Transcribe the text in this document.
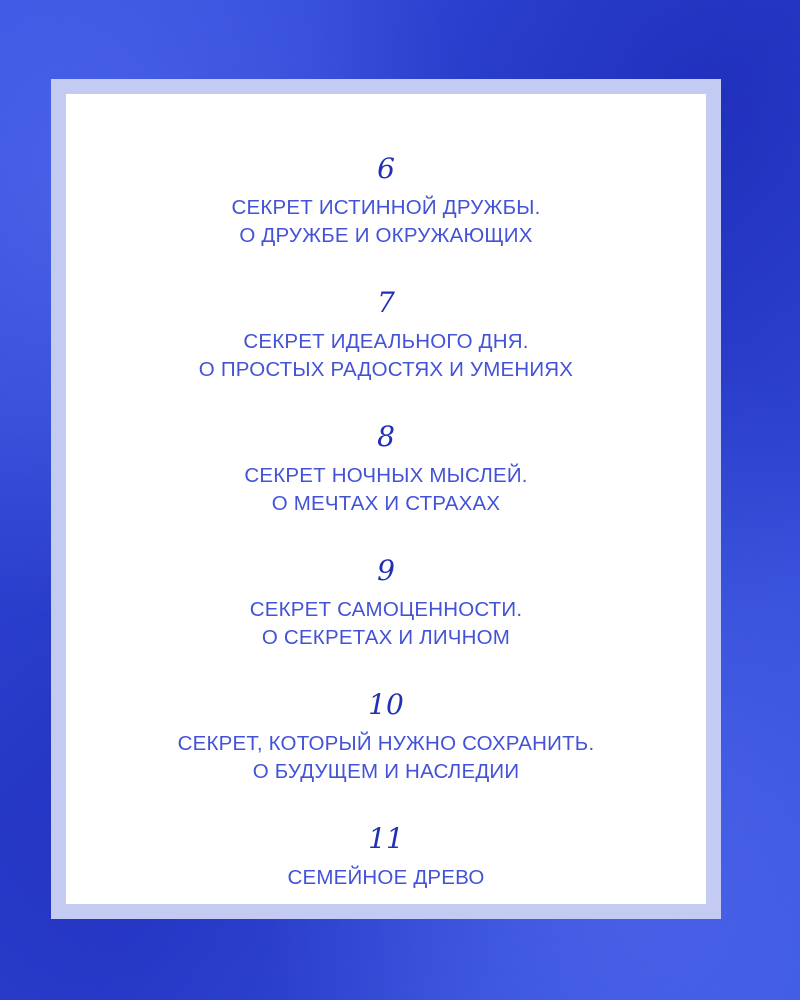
6
СЕКРЕТ ИСТИННОЙ ДРУЖБЫ.
О ДРУЖБЕ И ОКРУЖАЮЩИХ
7
СЕКРЕТ ИДЕАЛЬНОГО ДНЯ.
О ПРОСТЫХ РАДОСТЯХ И УМЕНИЯХ
8
СЕКРЕТ НОЧНЫХ МЫСЛЕЙ.
О МЕЧТАХ И СТРАХАХ
9
СЕКРЕТ САМОЦЕННОСТИ.
О СЕКРЕТАХ И ЛИЧНОМ
10
СЕКРЕТ, КОТОРЫЙ НУЖНО СОХРАНИТЬ.
О БУДУЩЕМ И НАСЛЕДИИ
11
СЕМЕЙНОЕ ДРЕВО
